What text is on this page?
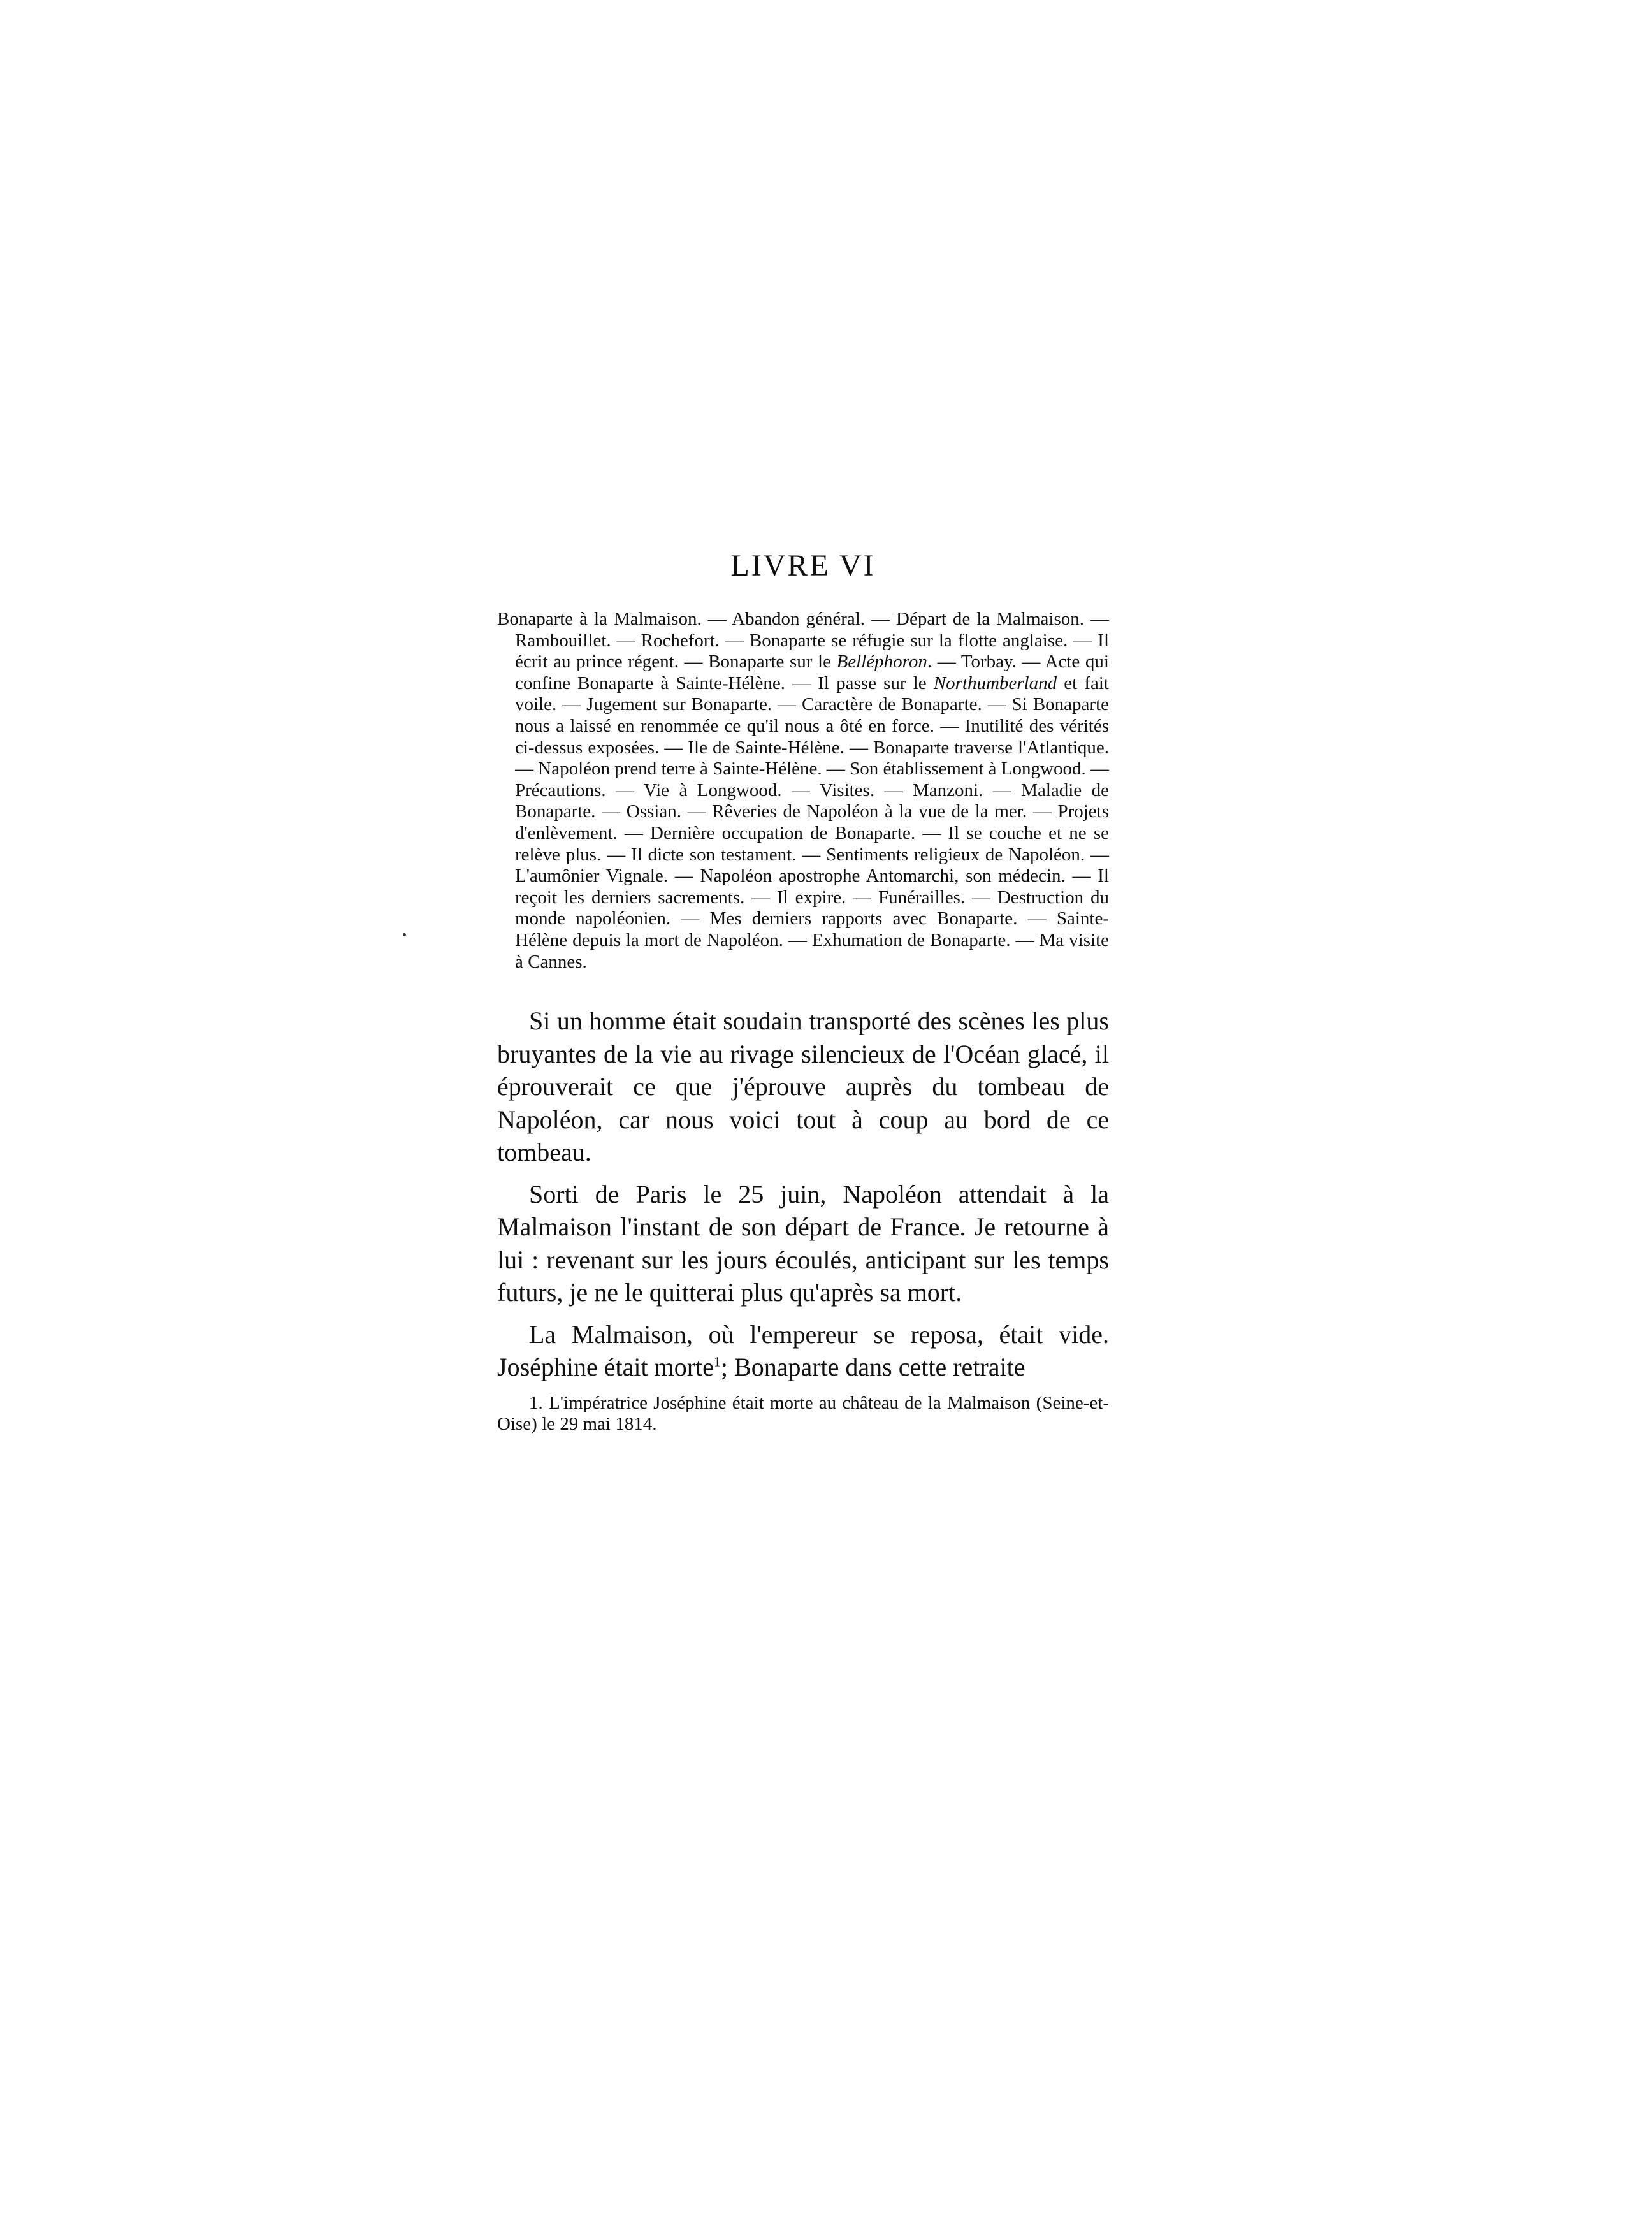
LIVRE VI

Bonaparte à la Malmaison. — Abandon général. — Départ de la Malmaison. — Rambouillet. — Rochefort. — Bonaparte se réfugie sur la flotte anglaise. — Il écrit au prince régent. — Bonaparte sur le Belléphoron. — Torbay. — Acte qui confine Bonaparte à Sainte-Hélène. — Il passe sur le Northumberland et fait voile. — Jugement sur Bonaparte. — Caractère de Bonaparte. — Si Bonaparte nous a laissé en renommée ce qu'il nous a ôté en force. — Inutilité des vérités ci-dessus exposées. — Ile de Sainte-Hélène. — Bonaparte traverse l'Atlantique. — Napoléon prend terre à Sainte-Hélène. — Son établissement à Longwood. — Précautions. — Vie à Longwood. — Visites. — Manzoni. — Maladie de Bonaparte. — Ossian. — Rêveries de Napoléon à la vue de la mer. — Projets d'enlèvement. — Dernière occupation de Bonaparte. — Il se couche et ne se relève plus. — Il dicte son testament. — Sentiments religieux de Napoléon. — L'aumônier Vignale. — Napoléon apostrophe Antomarchi, son médecin. — Il reçoit les derniers sacrements. — Il expire. — Funérailles. — Destruction du monde napoléonien. — Mes derniers rapports avec Bonaparte. — Sainte-Hélène depuis la mort de Napoléon. — Exhumation de Bonaparte. — Ma visite à Cannes.

Si un homme était soudain transporté des scènes les plus bruyantes de la vie au rivage silencieux de l'Océan glacé, il éprouverait ce que j'éprouve auprès du tombeau de Napoléon, car nous voici tout à coup au bord de ce tombeau.

Sorti de Paris le 25 juin, Napoléon attendait à la Malmaison l'instant de son départ de France. Je retourne à lui : revenant sur les jours écoulés, anticipant sur les temps futurs, je ne le quitterai plus qu'après sa mort.

La Malmaison, où l'empereur se reposa, était vide. Joséphine était morte$^1$; Bonaparte dans cette retraite

1. L'impératrice Joséphine était morte au château de la Malmaison (Seine-et-Oise) le 29 mai 1814.
